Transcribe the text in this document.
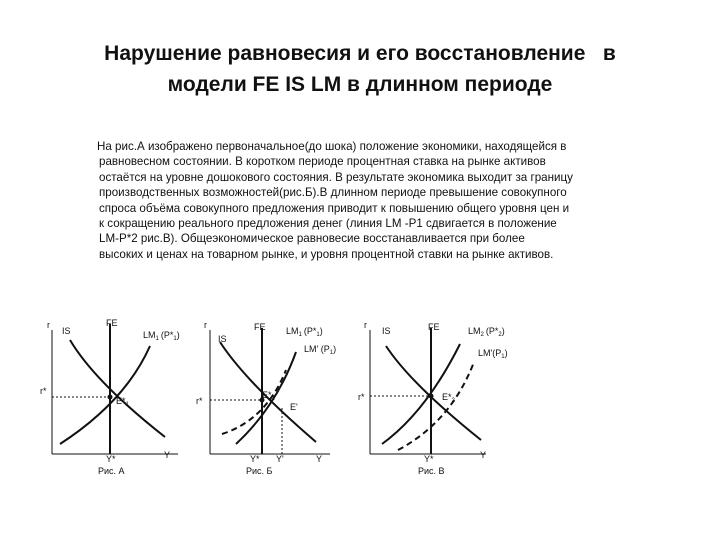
Нарушение равновесия и его восстановление   в
модели FE IS LM в длинном периоде
На рис.А изображено первоначальное(до шока) положение экономики, находящейся в
равновесном состоянии. В коротком периоде процентная ставка на рынке активов
остаётся на уровне дошокового состояния. В результате экономика выходит за границу
производственных возможностей(рис.Б).В длинном периоде превышение совокупного
спроса объёма совокупного предложения приводит к повышению общего уровня цен и
к сокращению реального предложения денег (линия LM -P1 сдвигается в положение
LM-P*2 рис.В). Общеэкономическое равновесие восстанавливается при более
высоких и ценах на товарном рынке, и уровня процентной ставки на рынке активов.
r
IS
FE
$LM_1$ $(P*_1)$
r*
$E*_1$
Y*	Y
Рис. А
r
IS
FE $LM_1$ $(P*_1)$
LM' $(P_1)$
r*
$E*_1$
E'
Y* Y'	Y
Рис. Б
r
IS	FE	$LM_2$ $(P*_2)$
$LM'(P_1)$
r*	$E*_2$
Y*	Y
Рис. В
